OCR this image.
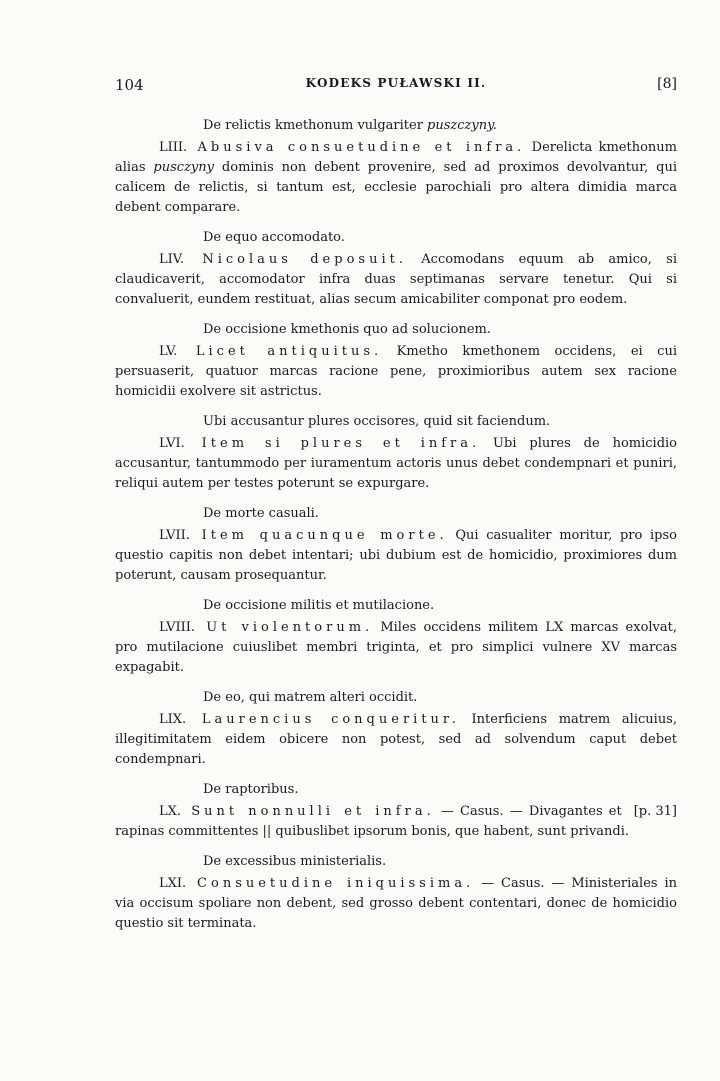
104	KODEKS PUŁAWSKI II.	[8]
De relictis kmethonum vulgariter puszczyny.

LIII. Abusiva consuetudine et infra. Derelicta kmethonum alias pusczyny dominis non debent provenire, sed ad proximos devolvantur, qui calicem de relictis, si tantum est, ecclesie parochiali pro altera dimidia marca debent comparare.

De equo accomodato.

LIV. Nicolaus deposuit. Accomodans equum ab amico, si claudicaverit, accomodator infra duas septimanas servare tenetur. Qui si convaluerit, eundem restituat, alias secum amicabiliter componat pro eodem.

De occisione kmethonis quo ad solucionem.

LV. Licet antiquitus. Kmetho kmethonem occidens, ei cui persuaserit, quatuor marcas racione pene, proximioribus autem sex racione homicidii exolvere sit astrictus.

Ubi accusantur plures occisores, quid sit faciendum.

LVI. Item si plures et infra. Ubi plures de homicidio accusantur, tantummodo per iuramentum actoris unus debet condempnari et puniri, reliqui autem per testes poterunt se expurgare.

De morte casuali.

LVII. Item quacunque morte. Qui casualiter moritur, pro ipso questio capitis non debet intentari; ubi dubium est de homicidio, proximiores dum poterunt, causam prosequantur.

De occisione militis et mutilacione.

LVIII. Ut violentorum. Miles occidens militem LX marcas exolvat, pro mutilacione cuiuslibet membri triginta, et pro simplici vulnere XV marcas expagabit.

De eo, qui matrem alteri occidit.

LIX. Laurencius conqueritur. Interficiens matrem alicuius, illegitimitatem eidem obicere non potest, sed ad solvendum caput debet condempnari.

De raptoribus.

[p. 31]
LX. Sunt nonnulli et infra. — Casus. — Divagantes et rapinas committentes || quibuslibet ipsorum bonis, que habent, sunt privandi.

De excessibus ministerialis.

LXI. Consuetudine iniquissima. — Casus. — Ministeriales in via occisum spoliare non debent, sed grosso debent contentari, donec de homicidio questio sit terminata.
